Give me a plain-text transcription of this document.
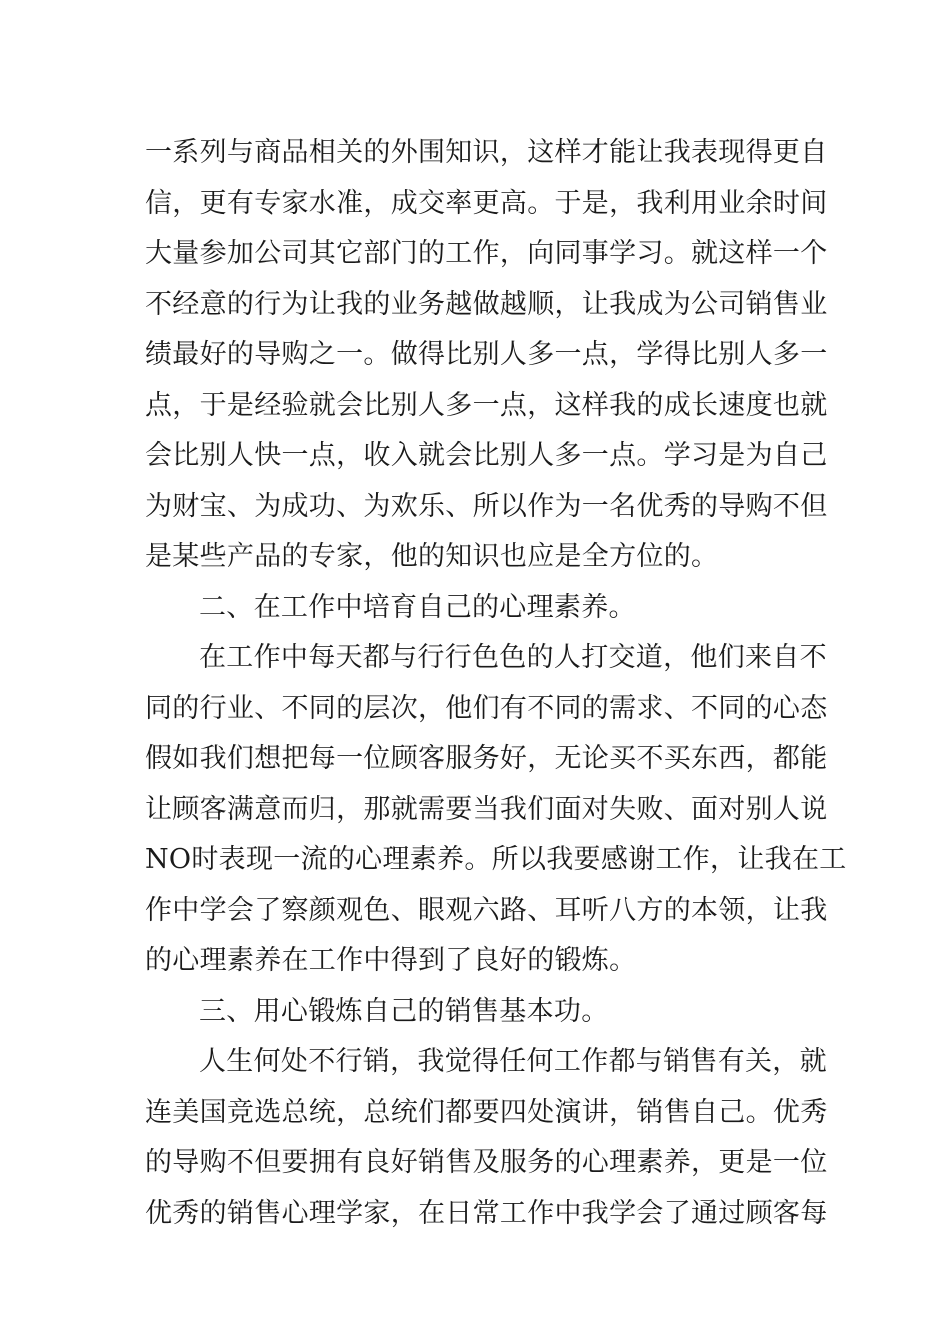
一系列与商品相关的外围知识，这样才能让我表现得更自
信，更有专家水准，成交率更高。于是，我利用业余时间
大量参加公司其它部门的工作，向同事学习。就这样一个
不经意的行为让我的业务越做越顺，让我成为公司销售业
绩最好的导购之一。做得比别人多一点，学得比别人多一
点，于是经验就会比别人多一点，这样我的成长速度也就
会比别人快一点，收入就会比别人多一点。学习是为自己
为财宝、为成功、为欢乐、所以作为一名优秀的导购不但
是某些产品的专家，他的知识也应是全方位的。
二、在工作中培育自己的心理素养。
在工作中每天都与行行色色的人打交道，他们来自不
同的行业、不同的层次，他们有不同的需求、不同的心态
假如我们想把每一位顾客服务好，无论买不买东西，都能
让顾客满意而归，那就需要当我们面对失败、面对别人说
NO时表现一流的心理素养。所以我要感谢工作，让我在工
作中学会了察颜观色、眼观六路、耳听八方的本领，让我
的心理素养在工作中得到了良好的锻炼。
三、用心锻炼自己的销售基本功。
人生何处不行销，我觉得任何工作都与销售有关，就
连美国竞选总统，总统们都要四处演讲，销售自己。优秀
的导购不但要拥有良好销售及服务的心理素养，更是一位
优秀的销售心理学家，在日常工作中我学会了通过顾客每
